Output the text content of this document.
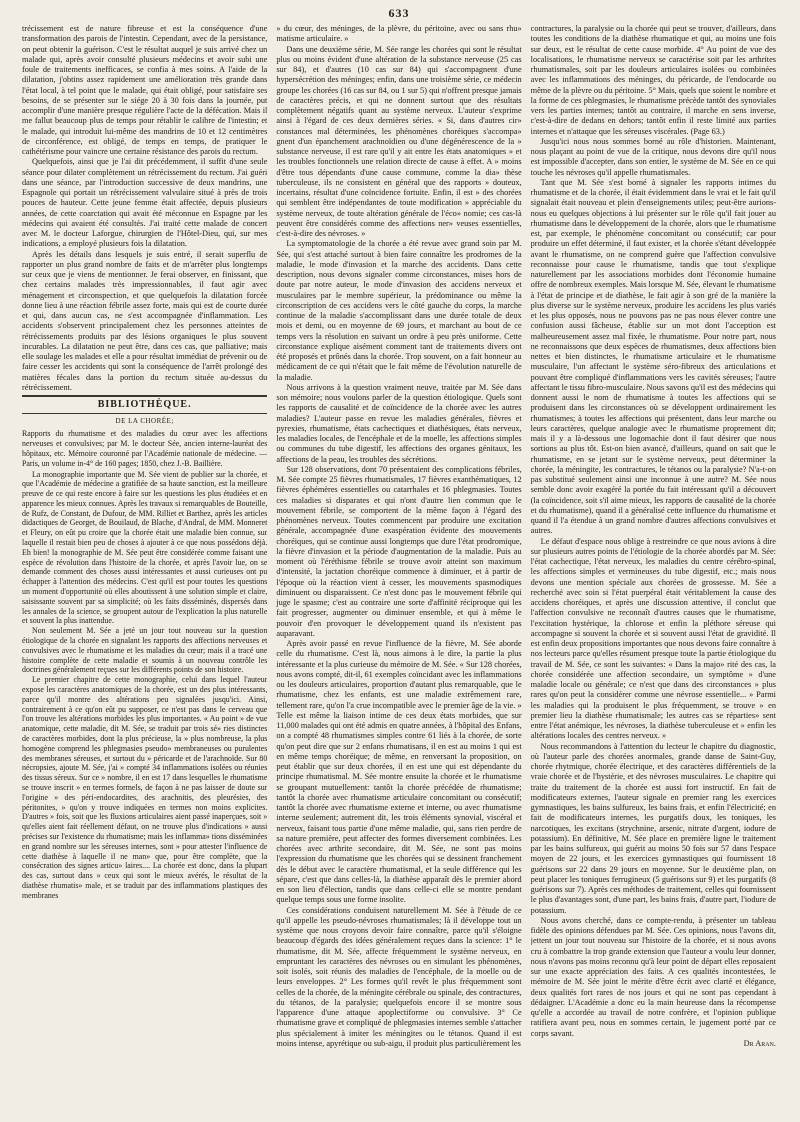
633

trécissement est de nature fibreuse et est la conséquence d'une transformation des parois de l'intestin. Cependant, avec de la persistance, on peut obtenir la guérison. C'est le résultat auquel je suis arrivé chez un malade qui, après avoir consulté plusieurs médecins et avoir subi une foule de traitements inefficaces, se confia à mes soins. A l'aide de la dilatation, j'obtins assez rapidement une amélioration très grande dans l'état local, à tel point que le malade, qui était obligé, pour satisfaire ses besoins, de se présenter sur le siége 20 à 30 fois dans la journée, put accomplir d'une manière presque régulière l'acte de la défécation. Mais il me fallut beaucoup plus de temps pour rétablir le calibre de l'intestin; et le malade, qui introduit lui-même des mandrins de 10 et 12 centimètres de circonférence, est obligé, de temps en temps, de pratiquer le cathétérisme pour vaincre une certaine résistance des parois du rectum.

Quelquefois, ainsi que je l'ai dit précédemment, il suffit d'une seule séance pour dilater complètement un rétrécissement du rectum. J'ai guéri dans une séance, par l'introduction successive de deux mandrins, une Espagnole qui portait un rétrécissement valvulaire situé à près de trois pouces de hauteur. Cette jeune femme était affectée, depuis plusieurs années, de cette coarctation qui avait été méconnue en Espagne par les médecins qui avaient été consultés. J'ai traité cette malade de concert avec M. le docteur Laforgue, chirurgien de l'Hôtel-Dieu, qui, sur mes indications, a employé plusieurs fois la dilatation.

Après les détails dans lesquels je suis entré, il serait superflu de rapporter un plus grand nombre de faits et de m'arrêter plus longtemps sur ceux que je viens de mentionner. Je ferai observer, en finissant, que chez certains malades très impressionnables, il faut agir avec ménagement et circonspection, et que quelquefois la dilatation forcée donne lieu à une réaction fébrile assez forte, mais qui est de courte durée et qui, dans aucun cas, ne s'est accompagnée d'inflammation. Les accidents s'observent principalement chez les personnes atteintes de rétrécissements produits par des lésions organiques le plus souvent incurables. La dilatation ne peut être, dans ces cas, que palliative; mais elle soulage les malades et elle a pour résultat immédiat de prévenir ou de faire cesser les accidents qui sont la conséquence de l'arrêt prolongé des matières fécales dans la portion du rectum située au-dessus du rétrécissement.

BIBLIOTHÈQUE.
DE LA CHORÉE;

Rapports du rhumatisme et des maladies du cœur avec les affections nerveuses et convulsives; par M. le docteur Sée, ancien interne-lauréat des hôpitaux, etc. Mémoire couronné par l'Académie nationale de médecine. — Paris, un volume in-4° de 160 pages; 1850, chez J.-B. Baillière.

La monographie importante que M. Sée vient de publier sur la chorée, et que l'Académie de médecine a gratifiée de sa haute sanction, est la meilleure preuve de ce qui reste encore à faire sur les questions les plus étudiées et en apparence les mieux connues. Après les travaux si remarquables de Bouteille, de Rufz, de Constant, de Dufour, de MM. Rilliet et Barthez, après les articles didactiques de Georget, de Bouilaud, de Blache, d'Andral, de MM. Monneret et Fleury, on eût pu croire que la chorée était une maladie bien connue, sur laquelle il restait bien peu de choses à ajouter à ce que nous possédons déjà. Eh bien! la monographie de M. Sée peut être considérée comme faisant une espèce de révolution dans l'histoire de la chorée, et après l'avoir lue, on se demande comment des choses aussi intéressantes et aussi curieuses ont pu échapper à l'attention des médecins. C'est qu'il est pour toutes les questions un moment d'opportunité où elles aboutissent à une solution simple et claire, saisissante souvent par sa simplicité; où les faits disséminés, dispersés dans les annales de la science, se groupent autour de l'explication la plus naturelle et souvent la plus inattendue.

Non seulement M. Sée a jeté un jour tout nouveau sur la question étiologique de la chorée en signalant les rapports des affections nerveuses et convulsives avec le rhumatisme et les maladies du cœur; mais il a tracé une histoire complète de cette maladie et soumis à un nouveau contrôle les doctrines généralement reçues sur les différents points de son histoire.

Le premier chapitre de cette monographie, celui dans lequel l'auteur expose les caractères anatomiques de la chorée, est un des plus intéressants, parce qu'il montre des altérations peu signalées jusqu'ici. Ainsi, contrairement à ce qu'on eût pu supposer, ce n'est pas dans le cerveau que l'on trouve les altérations morbides les plus importantes. « Au point » de vue anatomique, cette maladie, dit M. Sée, se traduit par trois sé» ries distinctes de caractères morbides, dont la plus précieuse, la » plus nombreuse, la plus homogène comprend les phlegmasies pseudo» membraneuses ou purulentes des membranes séreuses, et surtout du » péricarde et de l'arachnoïde. Sur 80 nécropsies, ajoute M. Sée, j'ai » compté 34 inflammations isolées ou réunies des tissus séreux. Sur ce » nombre, il en est 17 dans lesquelles le rhumatisme se trouve inscrit » en termes formels, de façon à ne pas laisser de doute sur l'origine » des péri-endocardites, des arachnitis, des pleurésies, des péritonites, » qu'on y trouve indiquées en termes non moins explicites. D'autres » fois, soit que les fluxions articulaires aient passé inaperçues, soit » qu'elles aient fait réellement défaut, on ne trouve plus d'indications » aussi précises sur l'existence du rhumatisme; mais les inflamma» tions disséminées en grand nombre sur les séreuses internes, sont » pour attester l'influence de cette diathèse à laquelle il ne man» que, pour être complète, que la consécration des signes articu» laires.... La chorée est donc, dans la plupart des cas, surtout dans » ceux qui sont le mieux avérés, le résultat de la diathèse rhumatis» male, et se traduit par des inflammations plastiques des membranes

» du cœur, des méninges, de la plèvre, du péritoine, avec ou sans rhu» matisme articulaire. »

Dans une deuxième série, M. Sée range les chorées qui sont le résultat plus ou moins évident d'une altération de la substance nerveuse (25 cas sur 84), et d'autres (10 cas sur 84) qui s'accompagnent d'une hypersécrétion des méninges; enfin, dans une troisième série, ce médecin groupe les chorées (16 cas sur 84, ou 1 sur 5) qui n'offrent presque jamais de caractères précis, et qui ne donnent surtout que des résultats complètement négatifs quant au système nerveux. L'auteur s'exprime ainsi à l'égard de ces deux dernières séries. « Si, dans d'autres cir» constances mal déterminées, les phénomènes choréiques s'accompa» gnent d'un épanchement arachnoïdien ou d'une dégénérescence de la » substance nerveuse, il est rare qu'il y ait entre les états anatomiques » et les troubles fonctionnels une relation directe de cause à effet. A » moins d'être tous dépendants d'une cause commune, comme la dia» thèse tuberculeuse, ils ne consistent en général que des rapports » douteux, incertains, résultat d'une coïncidence fortuite. Enfin, il est » des chorées qui semblent être indépendantes de toute modification » appréciable du système nerveux, de toute altération générale de l'éco» nomie; ces cas-là peuvent être considérés comme des affections ner» veuses essentielles, c'est-à-dire des névroses. »

La symptomatologie de la chorée a été revue avec grand soin par M. Sée, qui s'est attaché surtout à bien faire connaître les prodromes de la maladie, le mode d'invasion et la marche des accidents. Dans cette description, nous devons signaler comme circonstances, mises hors de doute par notre auteur, le mode d'invasion des accidens nerveux et musculaires par le membre supérieur, la prédominance ou même la circonscription de ces accidens vers le côté gauche du corps, la marche continue de la maladie s'accomplissant dans une durée totale de deux mois et demi, ou en moyenne de 69 jours, et marchant au bout de ce temps vers la résolution en suivant un ordre à peu près uniforme. Cette circonstance explique aisément comment tant de traitements divers ont été proposés et prônés dans la chorée. Trop souvent, on a fait honneur au médicament de ce qui n'était que le fait même de l'évolution naturelle de la maladie.

Nous arrivons à la question vraiment neuve, traitée par M. Sée dans son mémoire; nous voulons parler de la question étiologique. Quels sont les rapports de causalité et de coïncidence de la chorée avec les autres maladies? L'auteur passe en revue les maladies générales, fièvres et pyrexies, rhumatisme, états cachectiques et diathésiques, états nerveux, les maladies locales, de l'encéphale et de la moelle, les affections simples ou communes du tube digestif, les affections des organes génitaux, les affections de la peau, les troubles des sécrétions.

Sur 128 observations, dont 70 présentaient des complications fébriles, M. Sée compte 25 fièvres rhumatismales, 17 fièvres exanthématiques, 12 fièvres éphémères essentielles ou catarrhales et 16 phlegmasies. Toutes ces maladies si disparates et qui n'ont d'autre lien commun que le mouvement fébrile, se comportent de la même façon à l'égard des phénomènes nerveux. Toutes commencent par produire une excitation générale, accompagnée d'une exaspération évidente des mouvements choréiques, qui se continue aussi longtemps que dure l'état prodromique, la fièvre d'invasion et la période d'augmentation de la maladie. Puis au moment où l'éréthisme fébrile se trouve avoir atteint son maximum d'intensité, la jactation choréique commence à diminuer, et à partir de l'époque où la réaction vient à cesser, les mouvements spasmodiques diminuent ou disparaissent. Ce n'est donc pas le mouvement fébrile qui juge le spasme; c'est au contraire une sorte d'affinité réciproque qui les fait progresser, augmenter ou diminuer ensemble, et qui à même le pouvoir d'en provoquer le développement quand ils n'existent pas auparavant.

Après avoir passé en revue l'influence de la fièvre, M. Sée aborde celle du rhumatisme. C'est là, nous aimons à le dire, la partie la plus intéressante et la plus curieuse du mémoire de M. Sée. « Sur 128 chorées, nous avons compté, dit-il, 61 exemples coïncidant avec les inflammations ou les douleurs articulaires, proportion d'autant plus remarquable, que le rhumatisme, chez les enfants, est une maladie extrêmement rare, tellement rare, qu'on l'a crue incompatible avec le premier âge de la vie. » Telle est même la liaison intime de ces deux états morbides, que sur 11,000 malades qui ont été admis en quatre années, à l'hôpital des Enfans, on a compté 48 rhumatismes simples contre 61 liés à la chorée, de sorte qu'on peut dire que sur 2 enfans rhumatisans, il en est au moins 1 qui est en même temps choréique; de même, en renversant la proposition, on peut établir que sur deux chorées, il en est une qui est dépendante du principe rhumatismal. M. Sée montre ensuite la chorée et le rhumatisme se groupant mutuellement: tantôt la chorée précédée de rhumatisme; tantôt la chorée avec rhumatisme articulaire concomitant ou consécutif; tantôt la chorée avec rhumatisme externe et interne, ou avec rhumatisme interne seulement; autrement dit, les trois éléments synovial, viscéral et nerveux, faisant tous partie d'une même maladie, qui, sans rien perdre de sa nature première, peut affecter des formes diversement combinées. Les chorées avec arthrite secondaire, dit M. Sée, ne sont pas moins l'expression du rhumatisme que les chorées qui se dessinent franchement dès le début avec le caractère rhumatismal, et la seule différence qui les sépare, c'est que dans celles-là, la diathèse apparaît dès le premier abord en son lieu d'élection, tandis que dans celle-ci elle se montre pendant quelque temps sous une forme insolite.

Ces considérations conduisent naturellement M. Sée à l'étude de ce qu'il appelle les pseudo-névroses rhumatismales; là il développe tout un système que nous croyons devoir faire connaître, parce qu'il s'éloigne beaucoup d'égards des idées généralement reçues dans la science: 1° le rhumatisme, dit M. Sée, affecte fréquemment le système nerveux, en empruntant les caractères des névroses ou en simulant les phénomènes, soit isolés, soit réunis des maladies de l'encéphale, de la moelle ou de leurs enveloppes. 2° Les formes qu'il revêt le plus fréquemment sont celles de la chorée, de la méningite cérébrale ou spinale, des contractures, du tétanos, de la paralysie; quelquefois encore il se montre sous l'apparence d'une attaque apoplectiforme ou convulsive. 3° Ce rhumatisme grave et compliqué de phlegmasies internes semble s'attacher plus spécialement à imiter les méningites ou le tétanos. Quand il est moins intense, apyrétique ou sub-aigu, il produit plus particulièrement les

contractures, la paralysie ou la chorée qui peut se trouver, d'ailleurs, dans toutes les conditions de la diathèse rhumatique et qui, au moins une fois sur deux, est le résultat de cette cause morbide. 4° Au point de vue des localisations, le rhumatisme nerveux se caractérise soit par les arthrites rhumatismales, soit par les douleurs articulaires isolées ou combinées avec les inflammations des méninges, du péricarde, de l'endocarde ou même de la plèvre ou du péritoine. 5° Mais, quels que soient le nombre et la forme de ces phlegmasies, le rhumatisme précède tantôt des synoviales vers les parties internes; tantôt au contraire, il marche en sens inverse, c'est-à-dire de dedans en dehors; tantôt enfin il reste limité aux parties internes et n'attaque que les séreuses viscérales. (Page 63.)

Jusqu'ici nous nous sommes borné au rôle d'historien. Maintenant, nous plaçant au point de vue de la critique, nous devons dire qu'il nous est impossible d'accepter, dans son entier, le système de M. Sée en ce qui touche les névroses qu'il appelle rhumatismales.

Tant que M. Sée s'est borné à signaler les rapports intimes du rhumatisme et de la chorée, il était évidemment dans le vrai et le fait qu'il signalait était nouveau et plein d'enseignements utiles; peut-être aurions-nous eu quelques objections à lui présenter sur le rôle qu'il fait jouer au rhumatisme dans le développement de la chorée, alors que le rhumatisme est, par exemple, le phénomène concomitant ou consécutif; car pour produire un effet déterminé, il faut exister, et la chorée s'étant développée avant le rhumatisme, on ne comprend guère que l'affection convulsive reconnaisse pour cause le rhumatisme, tandis que tout s'explique naturellement par les associations morbides dont l'économie humaine offre de nombreux exemples. Mais lorsque M. Sée, élevant le rhumatisme à l'état de principe et de diathèse, le fait agir à son gré de la manière la plus diverse sur le système nerveux, produire les accidens les plus variés et les plus opposés, nous ne pouvons pas ne pas nous élever contre une confusion aussi fâcheuse, établie sur un mot dont l'acception est malheureusement assez mal fixée, le rhumatisme. Pour notre part, nous ne reconnaissons que deux espèces de rhumatismes, deux affections bien nettes et bien distinctes, le rhumatisme articulaire et le rhumatisme musculaire, l'un affectant le système séro-fibreux des articulations et pouvant être compliqué d'inflammations vers les cavités séreuses; l'autre affectant le tissu fibro-musculaire. Nous savons qu'il est des médecins qui donnent aussi le nom de rhumatisme à toutes les affections qui se produisent dans les circonstances où se développent ordinairement les rhumatismes; à toutes les affections qui présentent, dans leur marche ou leurs caractères, quelque analogie avec le rhumatisme proprement dit; mais il y a là-dessous une logomachie dont il faut désirer que nous sortions au plus tôt. Est-on bien avancé, d'ailleurs, quand on sait que le rhumatisme, en se jetant sur le système nerveux, peut déterminer la chorée, la méningite, les contractures, le tétanos ou la paralysie? N'a-t-on pas substitué seulement ainsi une inconnue à une autre? M. Sée nous semble donc avoir exagéré la portée du fait intéressant qu'il a découvert (la coïncidence, soit s'il aime mieux, les rapports de causalité de la chorée et du rhumatisme), quand il a généralisé cette influence du rhumatisme et quand il l'a étendue à un grand nombre d'autres affections convulsives et autres.

Le défaut d'espace nous oblige à restreindre ce que nous avions à dire sur plusieurs autres points de l'étiologie de la chorée abordés par M. Sée: l'état cachectique, l'état nerveux, les maladies du centre cérébro-spinal, les affections simples et vermineuses du tube digestif, etc.; mais nous devons une mention spéciale aux chorées de grossesse. M. Sée a recherché avec soin si l'état puerpéral était véritablement la cause des accidens choréiques, et après une discussion attentive, il conclut que l'affection convulsive ne reconnaît d'autres causes que le rhumatisme, l'excitation hystérique, la chlorose et enfin la pléthore séreuse qui accompagne si souvent la chorée et si souvent aussi l'état de gravidité. Il est enfin deux propositions importantes que nous devons faire connaître à nos lecteurs parce qu'elles résument presque toute la partie étiologique du travail de M. Sée, ce sont les suivantes: « Dans la majo» rité des cas, la chorée considérée une affection secondaire, un symptôme » d'une maladie locale ou générale; ce n'est que dans des circonstances » plus rares qu'on peut la considérer comme une névrose essentielle... » Parmi les maladies qui la produisent le plus fréquemment, se trouve » en premier lieu la diathèse rhumatismale; les autres cas se réparties» sent entre l'état anémique, les névroses, la diathèse tuberculeuse et » enfin les altérations locales des centres nerveux. »

Nous recommandons à l'attention du lecteur le chapitre du diagnostic, où l'auteur parle des chorées anormales, grande danse de Saint-Guy, chorée rhytmique, chorée électrique, et des caractères différentiels de la vraie chorée et de l'hystérie, et des névroses musculaires. Le chapitre qui traite du traitement de la chorée est aussi fort instructif. En fait de modificateurs externes, l'auteur signale en premier rang les exercices gymnastiques, les bains sulfureux, les bains frais, et enfin l'électricité; en fait de modificateurs internes, les purgatifs doux, les toniques, les narcotiques, les excitans (strychnine, arsenic, nitrate d'argent, iodure de potassium). En définitive, M. Sée place en première ligne le traitement par les bains sulfureux, qui guérit au moins 50 fois sur 57 dans l'espace moyen de 22 jours, et les exercices gymnastiques qui fournissent 18 guérisons sur 22 dans 29 jours en moyenne. Sur le deuxième plan, on peut placer les toniques ferrugineux (5 guérisons sur 9) et les purgatifs (8 guérisons sur 7). Après ces méthodes de traitement, celles qui fournissent le plus d'avantages sont, d'une part, les bains frais, d'autre part, l'iodure de potassium.

Nous avons cherché, dans ce compte-rendu, à présenter un tableau fidèle des opinions défendues par M. Sée. Ces opinions, nous l'avons dit, jettent un jour tout nouveau sur l'histoire de la chorée, et si nous avons cru à combattre la trop grande extension que l'auteur a voulu leur donner, nous n'avons pas moins reconnu qu'à leur point de départ elles reposaient sur une exacte appréciation des faits. A ces qualités incontestées, le mémoire de M. Sée joint le mérite d'être écrit avec clarté et élégance, deux qualités fort rares de nos jours et qui ne sont pas cependant à dédaigner. L'Académie a donc eu la main heureuse dans la récompense qu'elle a accordée au travail de notre confrère, et l'opinion publique ratifiera avant peu, nous en sommes certain, le jugement porté par ce corps savant.

Dr Aran.
